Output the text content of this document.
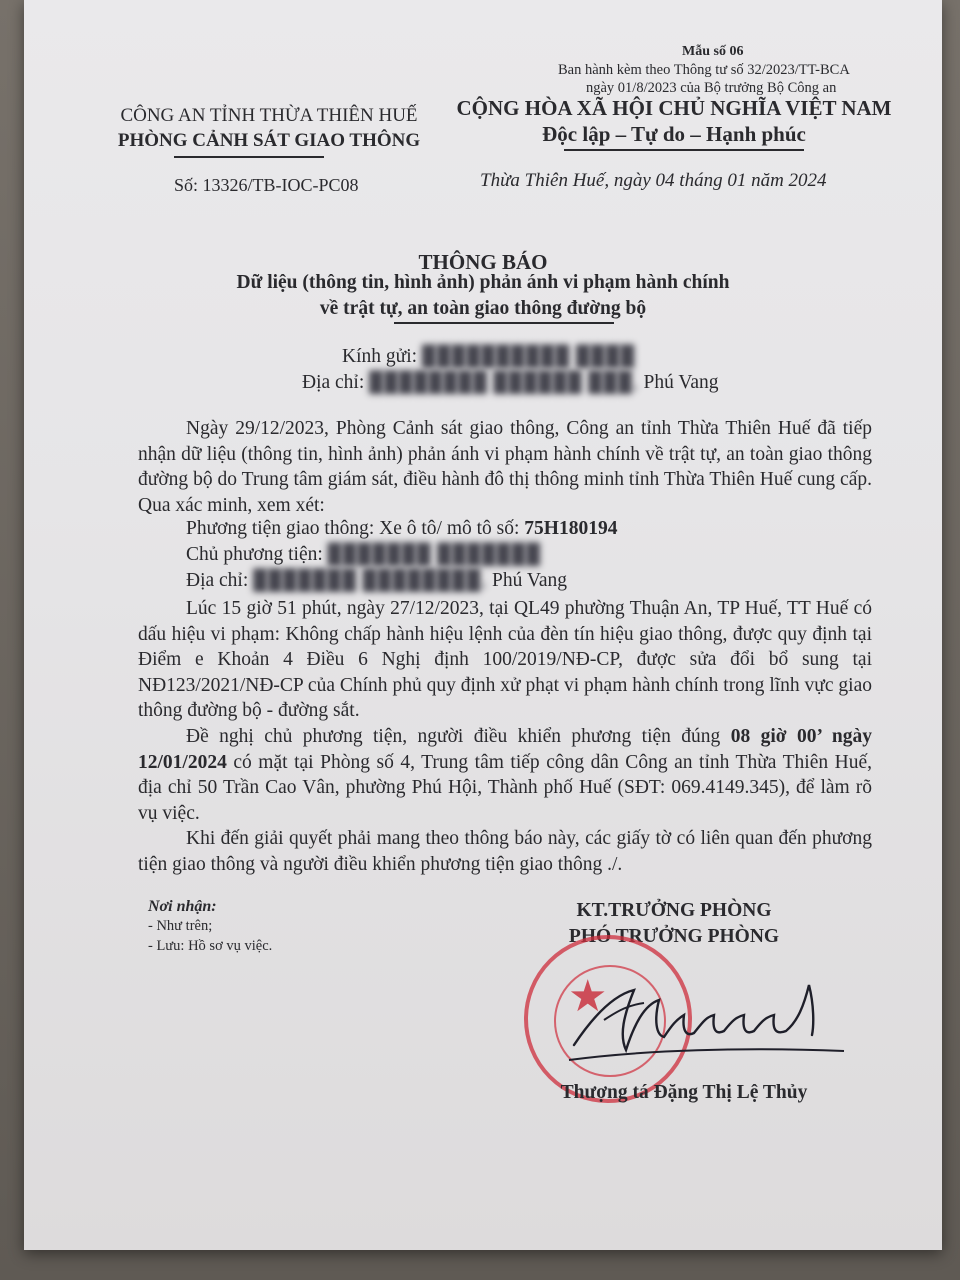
Mẫu số 06
Ban hành kèm theo Thông tư số 32/2023/TT-BCA
ngày 01/8/2023 của Bộ trưởng Bộ Công an
CÔNG AN TỈNH THỪA THIÊN HUẾ
PHÒNG CẢNH SÁT GIAO THÔNG
Số: 13326/TB-IOC-PC08
CỘNG HÒA XÃ HỘI CHỦ NGHĨA VIỆT NAM
Độc lập – Tự do – Hạnh phúc
Thừa Thiên Huế, ngày 04 tháng 01 năm 2024
THÔNG BÁO
Dữ liệu (thông tin, hình ảnh) phản ánh vi phạm hành chính
về trật tự, an toàn giao thông đường bộ
Kính gửi: ██████████ ████
Địa chỉ: ████████ ██████ ███, Phú Vang

Ngày 29/12/2023, Phòng Cảnh sát giao thông, Công an tỉnh Thừa Thiên Huế đã tiếp nhận dữ liệu (thông tin, hình ảnh) phản ánh vi phạm hành chính về trật tự, an toàn giao thông đường bộ do Trung tâm giám sát, điều hành đô thị thông minh tỉnh Thừa Thiên Huế cung cấp. Qua xác minh, xem xét:

Phương tiện giao thông: Xe ô tô/ mô tô số: 75H180194
Chủ phương tiện: ███████ ███████
Địa chỉ: ███████ ████████, Phú Vang

Lúc 15 giờ 51 phút, ngày 27/12/2023, tại QL49 phường Thuận An, TP Huế, TT Huế có dấu hiệu vi phạm: Không chấp hành hiệu lệnh của đèn tín hiệu giao thông, được quy định tại Điểm e Khoản 4 Điều 6 Nghị định 100/2019/NĐ-CP, được sửa đổi bổ sung tại NĐ123/2021/NĐ-CP của Chính phủ quy định xử phạt vi phạm hành chính trong lĩnh vực giao thông đường bộ - đường sắt.

Đề nghị chủ phương tiện, người điều khiển phương tiện đúng 08 giờ 00’ ngày 12/01/2024 có mặt tại Phòng số 4, Trung tâm tiếp công dân Công an tỉnh Thừa Thiên Huế, địa chỉ 50 Trần Cao Vân, phường Phú Hội, Thành phố Huế (SĐT: 069.4149.345), để làm rõ vụ việc.

Khi đến giải quyết phải mang theo thông báo này, các giấy tờ có liên quan đến phương tiện giao thông và người điều khiển phương tiện giao thông ./.

Nơi nhận:
- Như trên;
- Lưu: Hồ sơ vụ việc.
KT.TRƯỞNG PHÒNG
PHÓ TRƯỞNG PHÒNG
★
Thượng tá Đặng Thị Lệ Thủy
